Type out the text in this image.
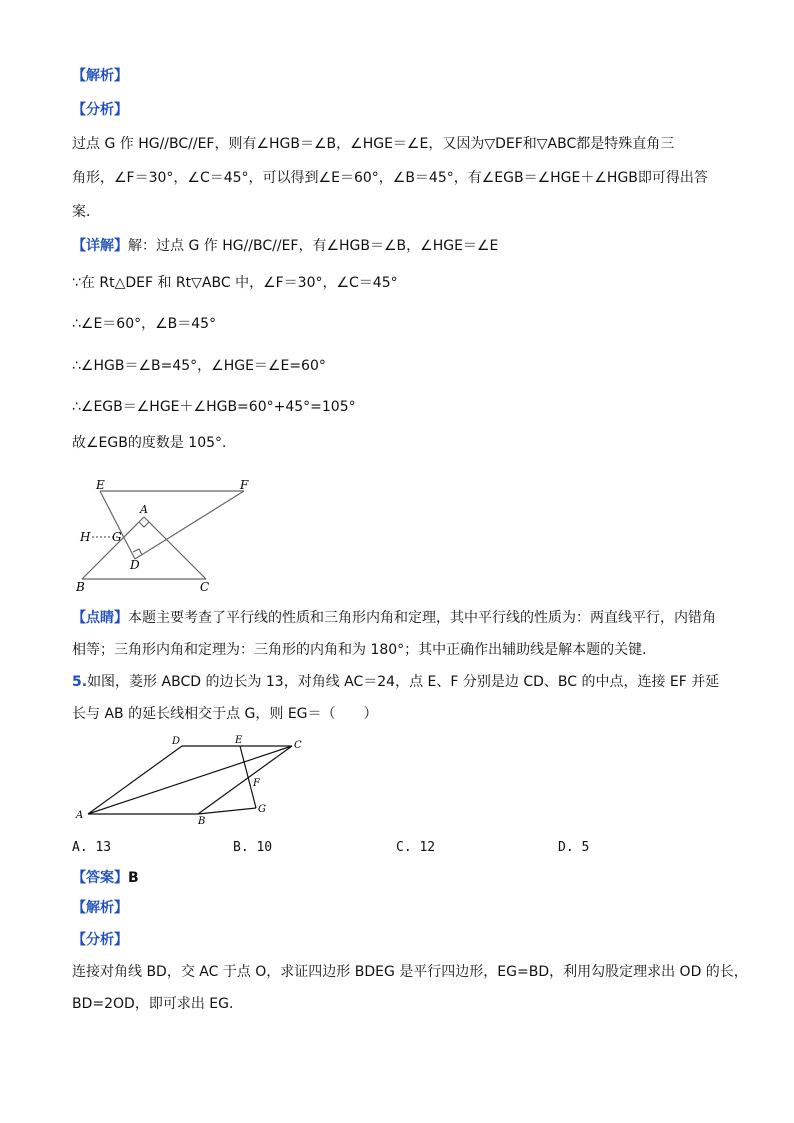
【解析】
【分析】
过点 G 作 HG//BC//EF，则有∠HGB＝∠B，∠HGE＝∠E，又因为▽DEF和▽ABC都是特殊直角三
角形，∠F＝30°，∠C＝45°，可以得到∠E＝60°，∠B＝45°，有∠EGB＝∠HGE＋∠HGB即可得出答
案．
【详解】解：过点 G 作 HG//BC//EF，有∠HGB＝∠B，∠HGE＝∠E
∵在 Rt△DEF 和 Rt▽ABC 中，∠F＝30°，∠C＝45°
∴∠E＝60°，∠B＝45°
∴∠HGB＝∠B=45°，∠HGE＝∠E=60°
∴∠EGB＝∠HGE＋∠HGB=60°+45°=105°
故∠EGB的度数是 105°．
E	F
A
H G
D
B	C
【点睛】本题主要考查了平行线的性质和三角形内角和定理，其中平行线的性质为：两直线平行，内错角
相等；三角形内角和定理为：三角形的内角和为 180°；其中正确作出辅助线是解本题的关键．
5.如图，菱形 ABCD 的边长为 13，对角线 AC＝24，点 E、F 分别是边 CD、BC 的中点，连接 EF 并延
长与 AB 的延长线相交于点 G，则 EG＝（　　）
D	E	C
F
G
A
B
A. 13	B. 10	C. 12	D. 5
【答案】B
【解析】
【分析】
连接对角线 BD，交 AC 于点 O，求证四边形 BDEG 是平行四边形，EG=BD，利用勾股定理求出 OD 的长，
BD=2OD，即可求出 EG．
